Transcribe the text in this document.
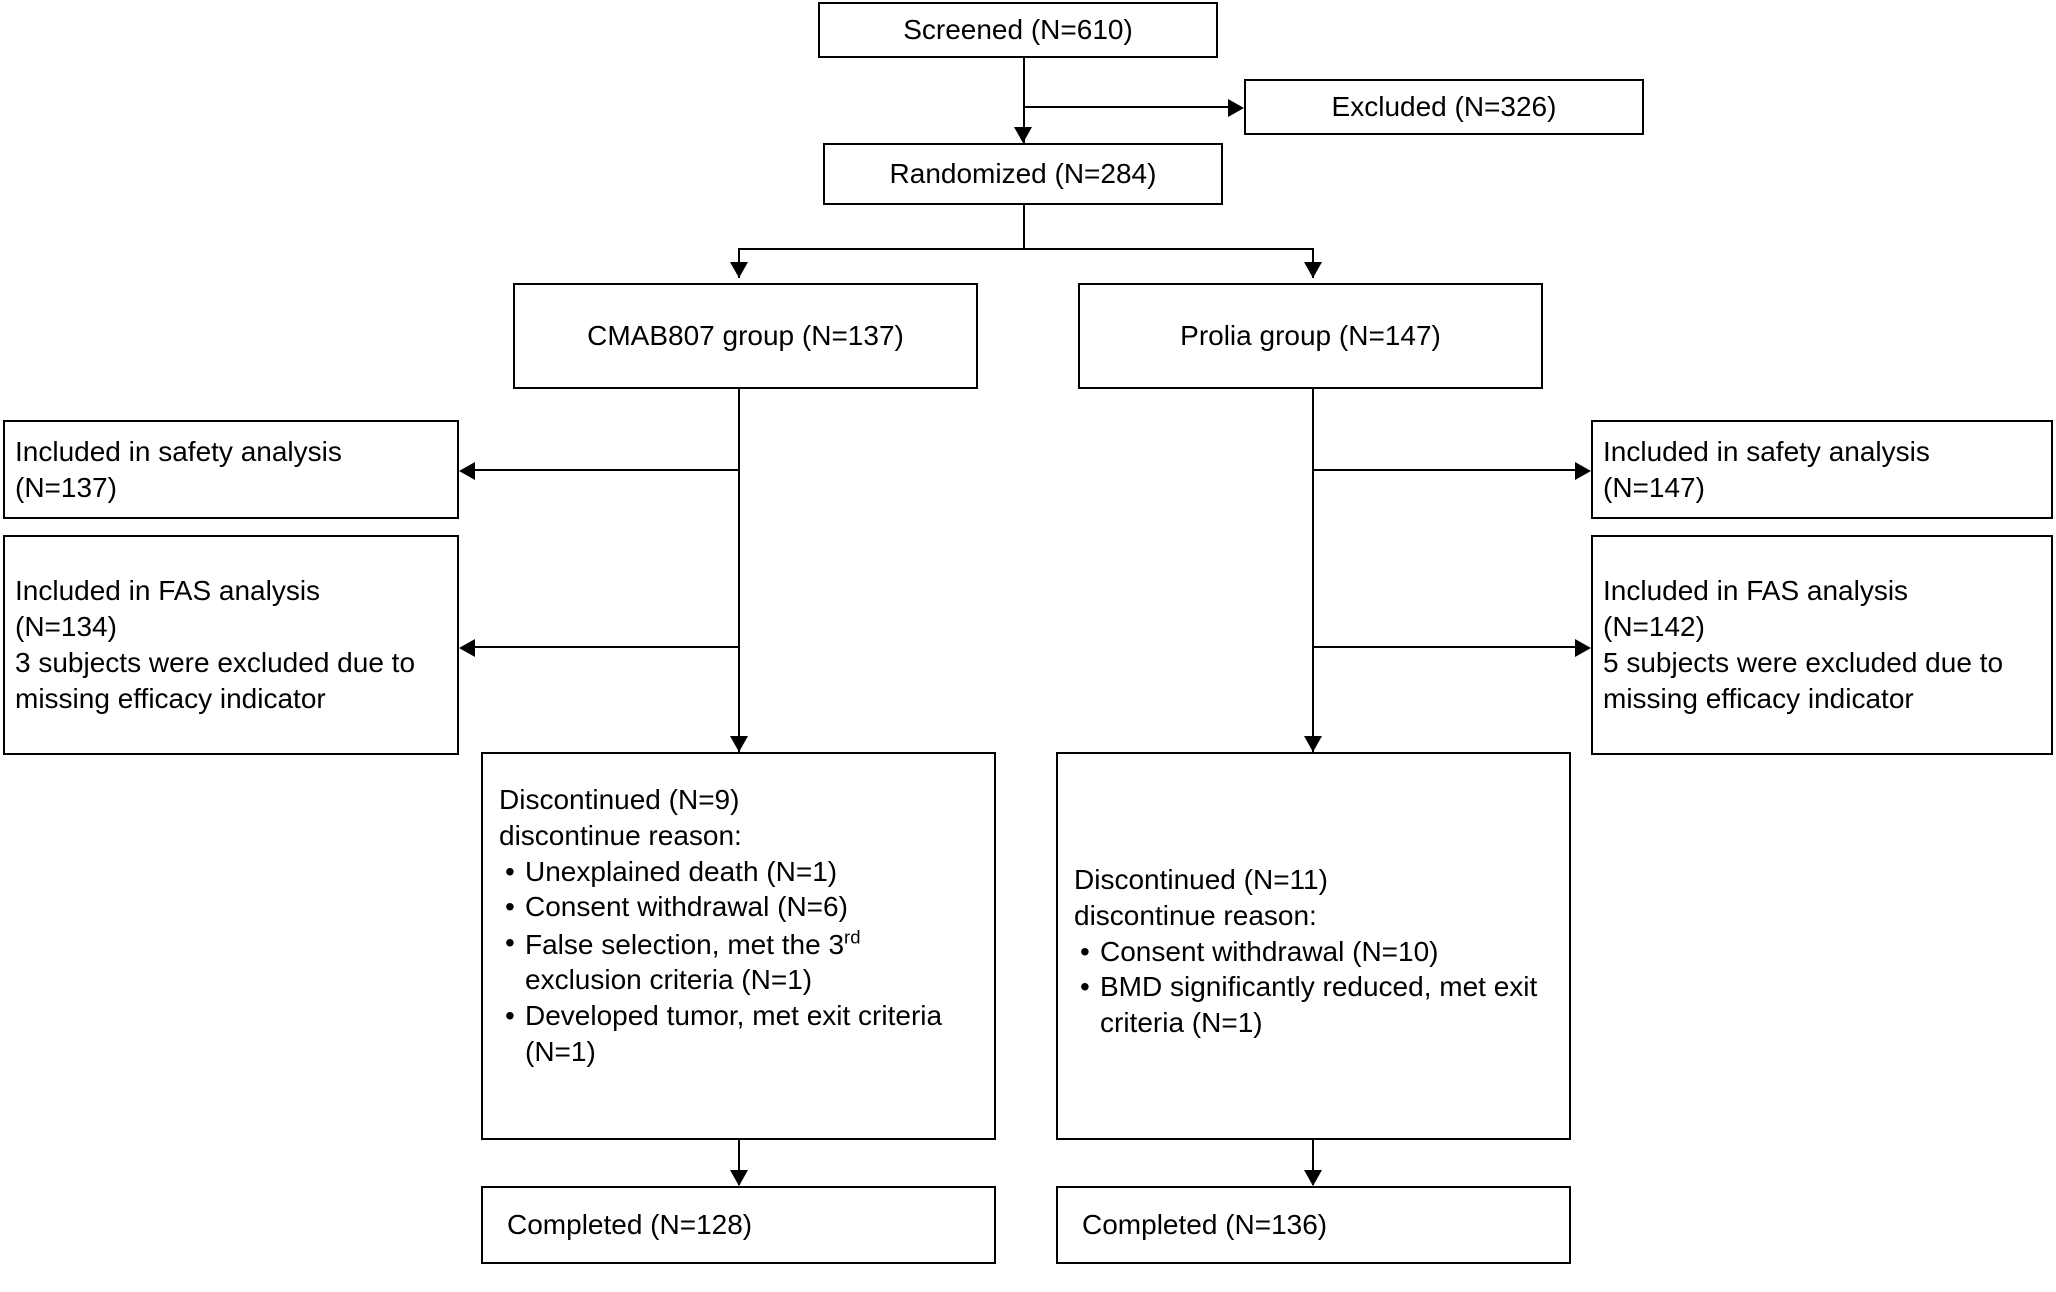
Screened (N=610)
Excluded (N=326)
Randomized (N=284)
CMAB807 group (N=137)	Prolia group (N=147)
Included in safety analysis
(N=137)
Included in FAS analysis
(N=134)
3 subjects were excluded due to missing efficacy indicator
Included in safety analysis
(N=147)
Included in FAS analysis
(N=142)
5 subjects were excluded due to missing efficacy indicator
Discontinued (N=9)
discontinue reason:
• Unexplained death (N=1)
• Consent withdrawal (N=6)
• False selection, met the 3rd exclusion criteria (N=1)
• Developed tumor, met exit criteria (N=1)
Discontinued (N=11)
discontinue reason:
• Consent withdrawal (N=10)
• BMD significantly reduced, met exit criteria (N=1)
Completed (N=128)	Completed (N=136)
